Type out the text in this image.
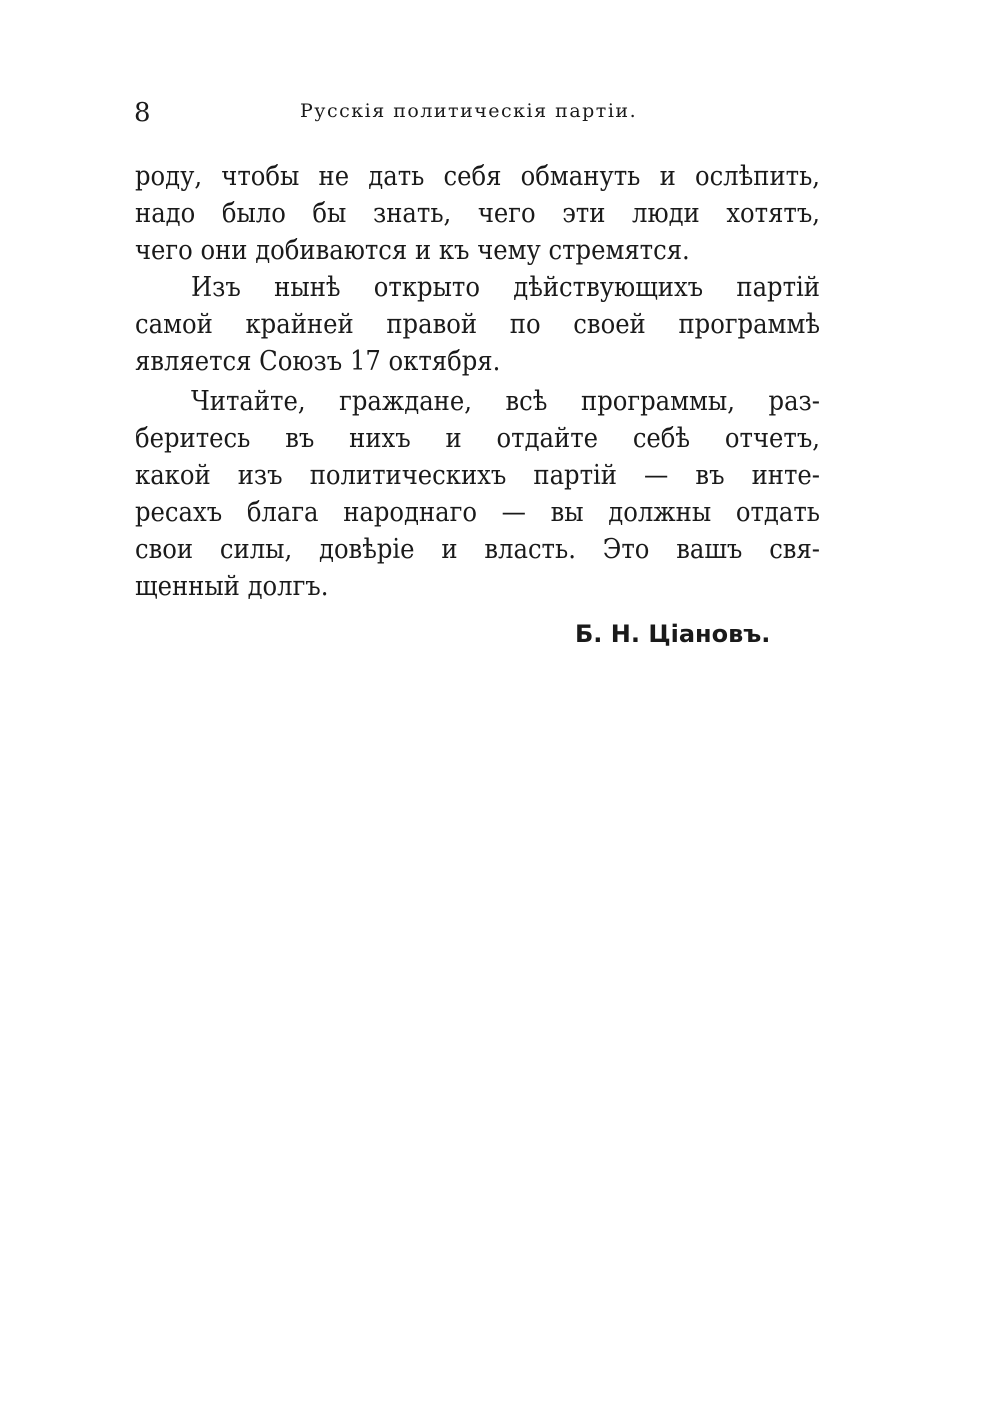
8	Русскія политическія партіи.
роду, чтобы не дать себя обмануть и ослѣпить,
надо было бы знать, чего эти люди хотятъ,
чего они добиваются и къ чему стремятся.
Изъ нынѣ открыто дѣйствующихъ партій
самой крайней правой по своей программѣ
является Союзъ 17 октября.
Читайте, граждане, всѣ программы, раз-
беритесь въ нихъ и отдайте себѣ отчетъ,
какой изъ политическихъ партій — въ инте-
ресахъ блага народнаго — вы должны отдать
свои силы, довѣріе и власть. Это вашъ свя-
щенный долгъ.
Б. Н. Ціановъ.
